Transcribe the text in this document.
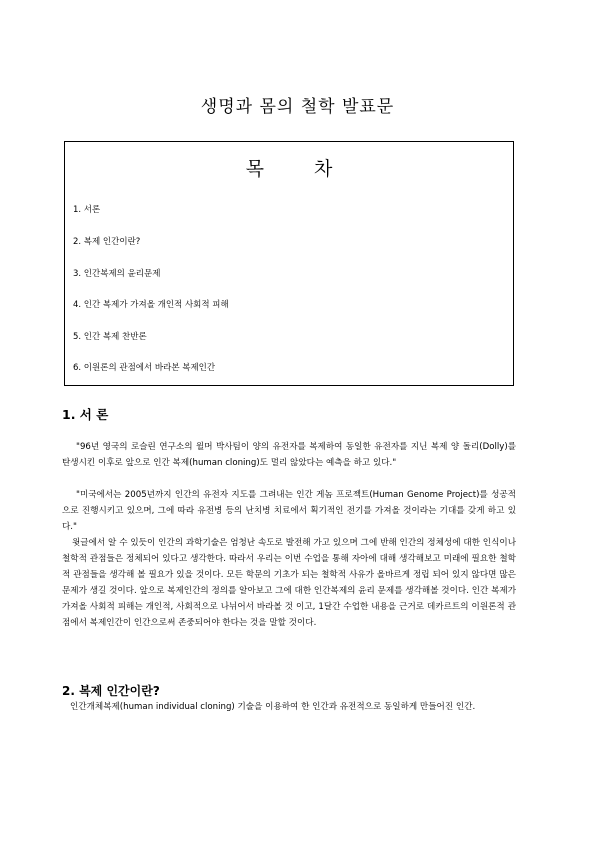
생명과 몸의 철학 발표문
목 차
1. 서론
2. 복제 인간이란?
3. 인간복제의 윤리문제
4. 인간 복제가 가져올 개인적 사회적 피해
5. 인간 복제 찬반론
6. 이원론의 관점에서 바라본 복제인간
1. 서 론

"96년 영국의 로슬린 연구소의 윌머 박사팀이 양의 유전자를 복제하여 동일한 유전자를 지닌 복제 양 돌리(Dolly)를 탄생시킨 이후로 앞으로 인간 복제(human cloning)도 멀리 않았다는 예측을 하고 있다."

"미국에서는 2005년까지 인간의 유전자 지도를 그려내는 인간 게놈 프로젝트(Human Genome Project)를 성공적으로 진행시키고 있으며, 그에 따라 유전병 등의 난치병 치료에서 획기적인 전기를 가져올 것이라는 기대를 갖게 하고 있다."

윗글에서 알 수 있듯이 인간의 과학기술은 엄청난 속도로 발전해 가고 있으며 그에 반해 인간의 정체성에 대한 인식이나 철학적 관점들은 정체되어 있다고 생각한다. 따라서 우리는 이번 수업을 통해 자아에 대해 생각해보고 미래에 필요한 철학적 관점들을 생각해 볼 필요가 있을 것이다. 모든 학문의 기초가 되는 철학적 사유가 올바르게 정립 되어 있지 않다면 많은 문제가 생길 것이다. 앞으로 복제인간의 정의를 알아보고 그에 대한 인간복제의 윤리 문제를 생각해볼 것이다. 인간 복제가 가져올 사회적 피해는 개인적, 사회적으로 나뉘어서 바라볼 것 이고, 1달간 수업한 내용을 근거로 데카르트의 이원론적 관점에서 복제인간이 인간으로써 존중되어야 한다는 것을 말할 것이다.

2. 복제 인간이란?

인간개체복제(human individual cloning) 기술을 이용하여 한 인간과 유전적으로 동일하게 만들어진 인간.
